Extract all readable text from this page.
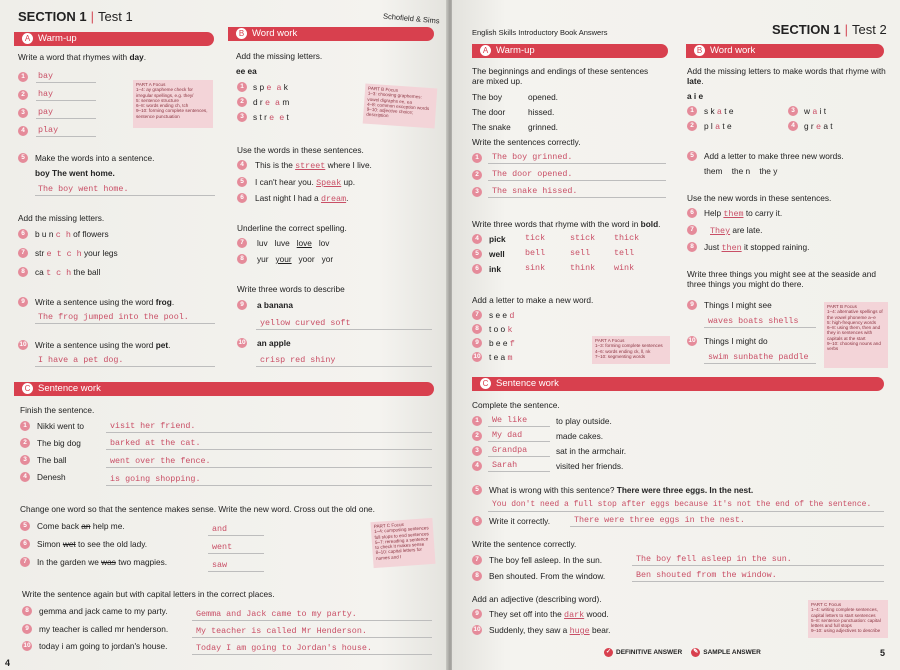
SECTION 1 | Test 1	Schofield & Sims
A Warm-up
Write a word that rhymes with day.
1	bay
2	hay
3	pay
4	play
PART A Focus
1–4: ay grapheme check for irregular spellings, e.g. they/
5: sentence structure
6–8: words ending ch, tch
9–10: forming complete sentences, sentence punctuation
5	Make the words into a sentence.
boy The went home.
The boy went home.
Add the missing letters.
6	b u n c h of flowers
7	str e t c h your legs
8	ca t c h the ball
9	Write a sentence using the word frog.
The frog jumped into the pool.
10 Write a sentence using the word pet.
I have a pet dog.
B Word work
Add the missing letters.
ee ea
1	s p e a k
2	d r e a m
3	s t r e e t
PART B Focus
1–3: choosing graphemes: vowel digraphs ee, ea
4–8: common exception words
9–10: adjective choice; description
Use the words in these sentences.
4	This is the street where I live.
5	I can't hear you. Speak up.
6	Last night I had a dream.
Underline the correct spelling.
7	luv luve love lov
8	yur your yoor yor
Write three words to describe
9	a banana
yellow curved soft
10 an apple
crisp red shiny
C Sentence work
Finish the sentence.
1	Nikki went to	visit her friend.
2	The big dog	barked at the cat.
3	The ball	went over the fence.
4	Denesh	is going shopping.
Change one word so that the sentence makes sense. Write the new word. Cross out the old one.
5	Come back an help me.	and
6	Simon wet to see the old lady.	went
7	In the garden we was two magpies.	saw
PART C Focus
1–4: composing sentences
full stops to end sentences
5–7: rereading a sentence to check it makes sense
8–10: capital letters for names and I
Write the sentence again but with capital letters in the correct places.
8	gemma and jack came to my party.	Gemma and Jack came to my party.
9	my teacher is called mr henderson.	My teacher is called Mr Henderson.
10 today i am going to jordan's house.	Today I am going to Jordan's house.
4
English Skills Introductory Book Answers	SECTION 1 | Test 2
A Warm-up
The beginnings and endings of these sentences are mixed up.
The boy	opened.
The door	hissed.
The snake grinned.
Write the sentences correctly.
1	The boy grinned.
2	The door opened.
3	The snake hissed.
Write three words that rhyme with the word in bold.
4	pick tick	stick thick
5	well bell	sell	tell
6	ink	sink	think wink
Add a letter to make a new word.
7	s e e d
8	t o o k
9	b e e f
10 t e a m
PART A Focus
1–3: forming complete sentences
4–6: words ending ck, ll, nk
7–10: segmenting words
B Word work
Add the missing letters to make words that rhyme with late.
a i e
1	s k a t e
2	p l a t e
3	w a i t
4	g r e a t
5	Add a letter to make three new words.
them the n the y
Use the new words in these sentences.
6	Help them to carry it.
7	They are late.
8	Just then it stopped raining.
Write three things you might see at the seaside and three things you might do there.
9	Things I might see
waves boats shells
10 Things I might do
swim sunbathe paddle
PART B Focus
1–4: alternative spellings of the vowel phoneme a–e
5: high-frequency words
6–8: using them, then and they in sentences with capitals at the start
9–10: choosing nouns and verbs
C Sentence work
Complete the sentence.
1	We like	to play outside.
2	My dad	made cakes.
3	Grandpa	sat in the armchair.
4	Sarah	visited her friends.
5	What is wrong with this sentence? There were three eggs. In the nest.
You don't need a full stop after eggs because it's not the end of the sentence.
6	Write it correctly.	There were three eggs in the nest.
Write the sentence correctly.
7	The boy fell asleep. In the sun.	The boy fell asleep in the sun.
8	Ben shouted. From the window.	Ben shouted from the window.
Add an adjective (describing word).
9	They set off into the dark wood.
10 Suddenly, they saw a huge bear.
PART C Focus
1–4: writing complete sentences, capital letters to start sentences
5–8: sentence punctuation: capital letters and full stops
9–10: using adjectives to describe
✓ DEFINITIVE ANSWER ✎ SAMPLE ANSWER	5
